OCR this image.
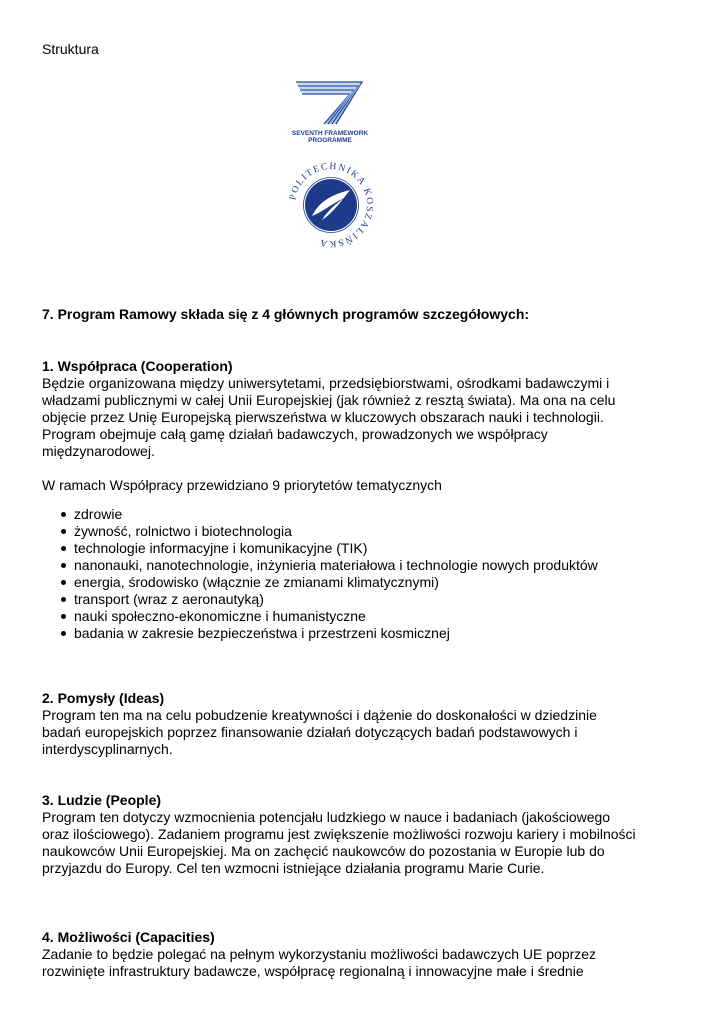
Struktura
SEVENTH FRAMEWORK
PROGRAMME
POLITECHNIKA KOSZALIŃSKA
7. Program Ramowy składa się z 4 głównych programów szczegółowych:
1. Współpraca (Cooperation)
Będzie organizowana między uniwersytetami, przedsiębiorstwami, ośrodkami badawczymi i
władzami publicznymi w całej Unii Europejskiej (jak również z resztą świata). Ma ona na celu
objęcie przez Unię Europejską pierwszeństwa w kluczowych obszarach nauki i technologii.
Program obejmuje całą gamę działań badawczych, prowadzonych we współpracy
międzynarodowej.
W ramach Współpracy przewidziano 9 priorytetów tematycznych
zdrowie
żywność, rolnictwo i biotechnologia
technologie informacyjne i komunikacyjne (TIK)
nanonauki, nanotechnologie, inżynieria materiałowa i technologie nowych produktów
energia, środowisko (włącznie ze zmianami klimatycznymi)
transport (wraz z aeronautyką)
nauki społeczno-ekonomiczne i humanistyczne
badania w zakresie bezpieczeństwa i przestrzeni kosmicznej
2. Pomysły (Ideas)
Program ten ma na celu pobudzenie kreatywności i dążenie do doskonałości w dziedzinie
badań europejskich poprzez finansowanie działań dotyczących badań podstawowych i
interdyscyplinarnych.
3. Ludzie (People)
Program ten dotyczy wzmocnienia potencjału ludzkiego w nauce i badaniach (jakościowego
oraz ilościowego). Zadaniem programu jest zwiększenie możliwości rozwoju kariery i mobilności
naukowców Unii Europejskiej. Ma on zachęcić naukowców do pozostania w Europie lub do
przyjazdu do Europy. Cel ten wzmocni istniejące działania programu Marie Curie.
4. Możliwości (Capacities)
Zadanie to będzie polegać na pełnym wykorzystaniu możliwości badawczych UE poprzez
rozwinięte infrastruktury badawcze, współpracę regionalną i innowacyjne małe i średnie
